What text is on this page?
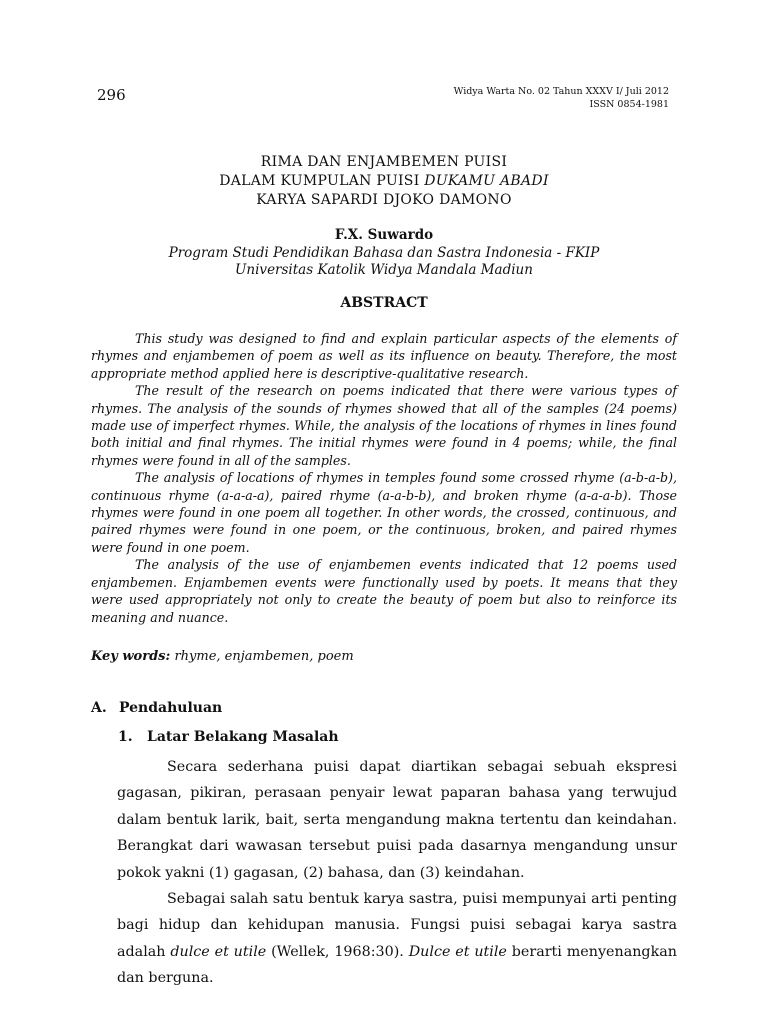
296	Widya Warta No. 02 Tahun XXXV I/ Juli 2012
ISSN 0854-1981
RIMA DAN ENJAMBEMEN PUISI
DALAM KUMPULAN PUISI DUKAMU ABADI
KARYA SAPARDI DJOKO DAMONO
F.X. Suwardo
Program Studi Pendidikan Bahasa dan Sastra Indonesia - FKIP
Universitas Katolik Widya Mandala Madiun
ABSTRACT

This study was designed to find and explain particular aspects of the elements of rhymes and enjambemen of poem as well as its influence on beauty. Therefore, the most appropriate method applied here is descriptive-qualitative research.

The result of the research on poems indicated that there were various types of rhymes. The analysis of the sounds of rhymes showed that all of the samples (24 poems) made use of imperfect rhymes. While, the analysis of the locations of rhymes in lines found both initial and final rhymes. The initial rhymes were found in 4 poems; while, the final rhymes were found in all of the samples.

The analysis of locations of rhymes in temples found some crossed rhyme (a-b-a-b), continuous rhyme (a-a-a-a), paired rhyme (a-a-b-b), and broken rhyme (a-a-a-b). Those rhymes were found in one poem all together. In other words, the crossed, continuous, and paired rhymes were found in one poem, or the continuous, broken, and paired rhymes were found in one poem.

The analysis of the use of enjambemen events indicated that 12 poems used enjambemen. Enjambemen events were functionally used by poets. It means that they were used appropriately not only to create the beauty of poem but also to reinforce its meaning and nuance.

Key words: rhyme, enjambemen, poem
A. Pendahuluan
1. Latar Belakang Masalah

Secara sederhana puisi dapat diartikan sebagai sebuah ekspresi gagasan, pikiran, perasaan penyair lewat paparan bahasa yang terwujud dalam bentuk larik, bait, serta mengandung makna tertentu dan keindahan. Berangkat dari wawasan tersebut puisi pada dasarnya mengandung unsur pokok yakni (1) gagasan, (2) bahasa, dan (3) keindahan.

Sebagai salah satu bentuk karya sastra, puisi mempunyai arti penting bagi hidup dan kehidupan manusia. Fungsi puisi sebagai karya sastra adalah dulce et utile (Wellek, 1968:30). Dulce et utile berarti menyenangkan dan berguna.
